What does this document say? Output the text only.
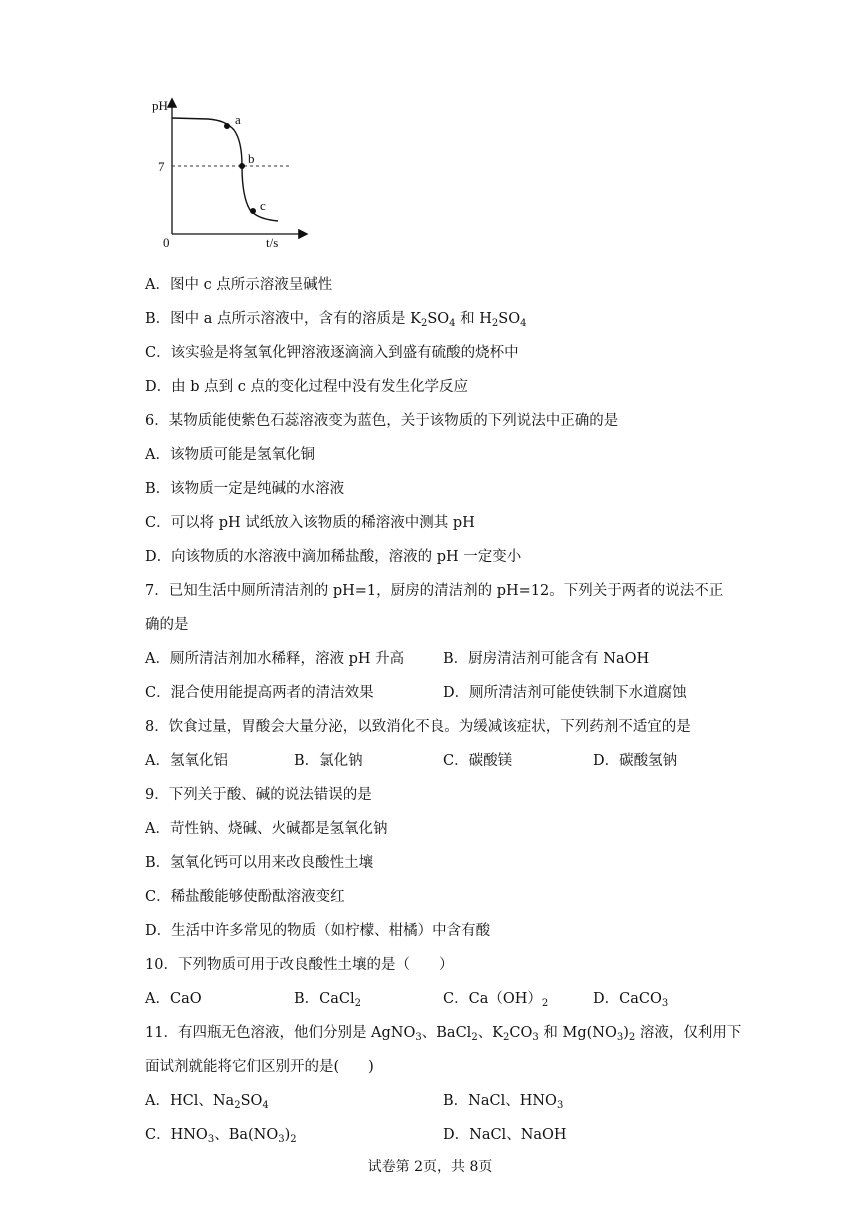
pH
t/s
0
7
a
b
c
A．图中 c 点所示溶液呈碱性
B．图中 a 点所示溶液中，含有的溶质是 $K_2SO_4$ 和 $H_2SO_4$
C．该实验是将氢氧化钾溶液逐滴滴入到盛有硫酸的烧杯中
D．由 b 点到 c 点的变化过程中没有发生化学反应
6．某物质能使紫色石蕊溶液变为蓝色，关于该物质的下列说法中正确的是
A．该物质可能是氢氧化铜
B．该物质一定是纯碱的水溶液
C．可以将 pH 试纸放入该物质的稀溶液中测其 pH
D．向该物质的水溶液中滴加稀盐酸，溶液的 pH 一定变小
7．已知生活中厕所清洁剂的 pH=1，厨房的清洁剂的 pH=12。下列关于两者的说法不正
确的是
A．厕所清洁剂加水稀释，溶液 pH 升高	B．厨房清洁剂可能含有 NaOH
C．混合使用能提高两者的清洁效果	D．厕所清洁剂可能使铁制下水道腐蚀
8．饮食过量，胃酸会大量分泌，以致消化不良。为缓减该症状，下列药剂不适宜的是
A．氢氧化铝	B．氯化钠	C．碳酸镁	D．碳酸氢钠
9．下列关于酸、碱的说法错误的是
A．苛性钠、烧碱、火碱都是氢氧化钠
B．氢氧化钙可以用来改良酸性土壤
C．稀盐酸能够使酚酞溶液变红
D．生活中许多常见的物质（如柠檬、柑橘）中含有酸
10．下列物质可用于改良酸性土壤的是（　　）
A．CaO	B．CaCl$_2$	C．$Ca(OH)_2$	D．CaCO$_3$
11．有四瓶无色溶液，他们分别是 AgNO$_3$、BaCl$_2$、$K_2CO_3$ 和 $Mg(NO_3)_2$ 溶液，仅利用下
面试剂就能将它们区别开的是(　　)
A．HCl、$Na_2SO_4$	B．NaCl、$HNO_3$
C．$HNO_3$、$Ba(NO_3)_2$	D．NaCl、NaOH
试卷第 2页，共 8页
